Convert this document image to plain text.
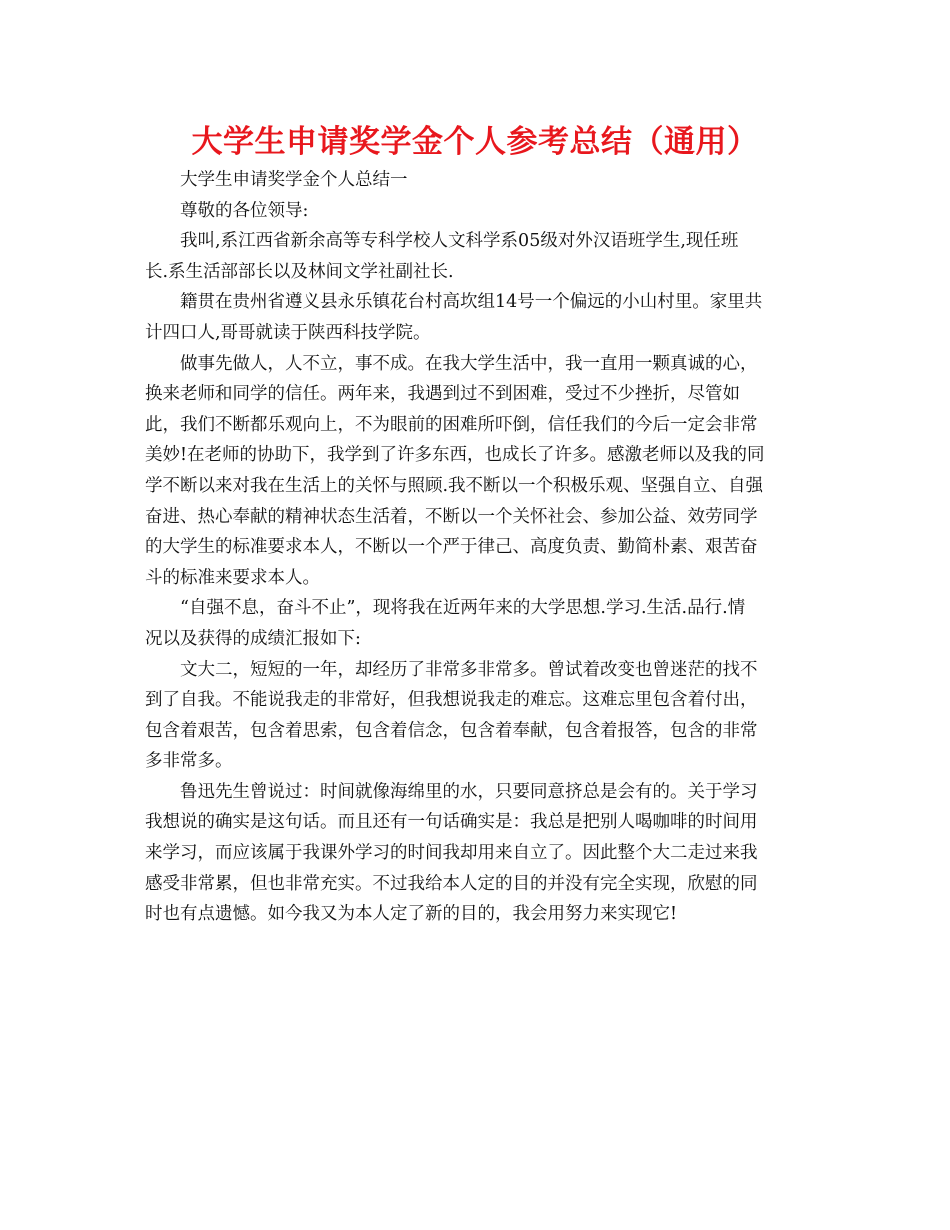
大学生申请奖学金个人参考总结（通用）

大学生申请奖学金个人总结一

尊敬的各位领导:

我叫,系江西省新余高等专科学校人文科学系05级对外汉语班学生,现任班
长.系生活部部长以及林间文学社副社长.

籍贯在贵州省遵义县永乐镇花台村高坎组14号一个偏远的小山村里。家里共
计四口人,哥哥就读于陕西科技学院。

做事先做人，人不立，事不成。在我大学生活中，我一直用一颗真诚的心，
换来老师和同学的信任。两年来，我遇到过不到困难，受过不少挫折，尽管如
此，我们不断都乐观向上，不为眼前的困难所吓倒，信任我们的今后一定会非常
美妙!在老师的协助下，我学到了许多东西，也成长了许多。感激老师以及我的同
学不断以来对我在生活上的关怀与照顾.我不断以一个积极乐观、坚强自立、自强
奋进、热心奉献的精神状态生活着，不断以一个关怀社会、参加公益、效劳同学
的大学生的标准要求本人，不断以一个严于律己、高度负责、勤简朴素、艰苦奋
斗的标准来要求本人。

“自强不息，奋斗不止”，现将我在近两年来的大学思想.学习.生活.品行.情
况以及获得的成绩汇报如下:

文大二，短短的一年，却经历了非常多非常多。曾试着改变也曾迷茫的找不
到了自我。不能说我走的非常好，但我想说我走的难忘。这难忘里包含着付出，
包含着艰苦，包含着思索，包含着信念，包含着奉献，包含着报答，包含的非常
多非常多。

鲁迅先生曾说过：时间就像海绵里的水，只要同意挤总是会有的。关于学习
我想说的确实是这句话。而且还有一句话确实是：我总是把别人喝咖啡的时间用
来学习，而应该属于我课外学习的时间我却用来自立了。因此整个大二走过来我
感受非常累，但也非常充实。不过我给本人定的目的并没有完全实现，欣慰的同
时也有点遗憾。如今我又为本人定了新的目的，我会用努力来实现它!
